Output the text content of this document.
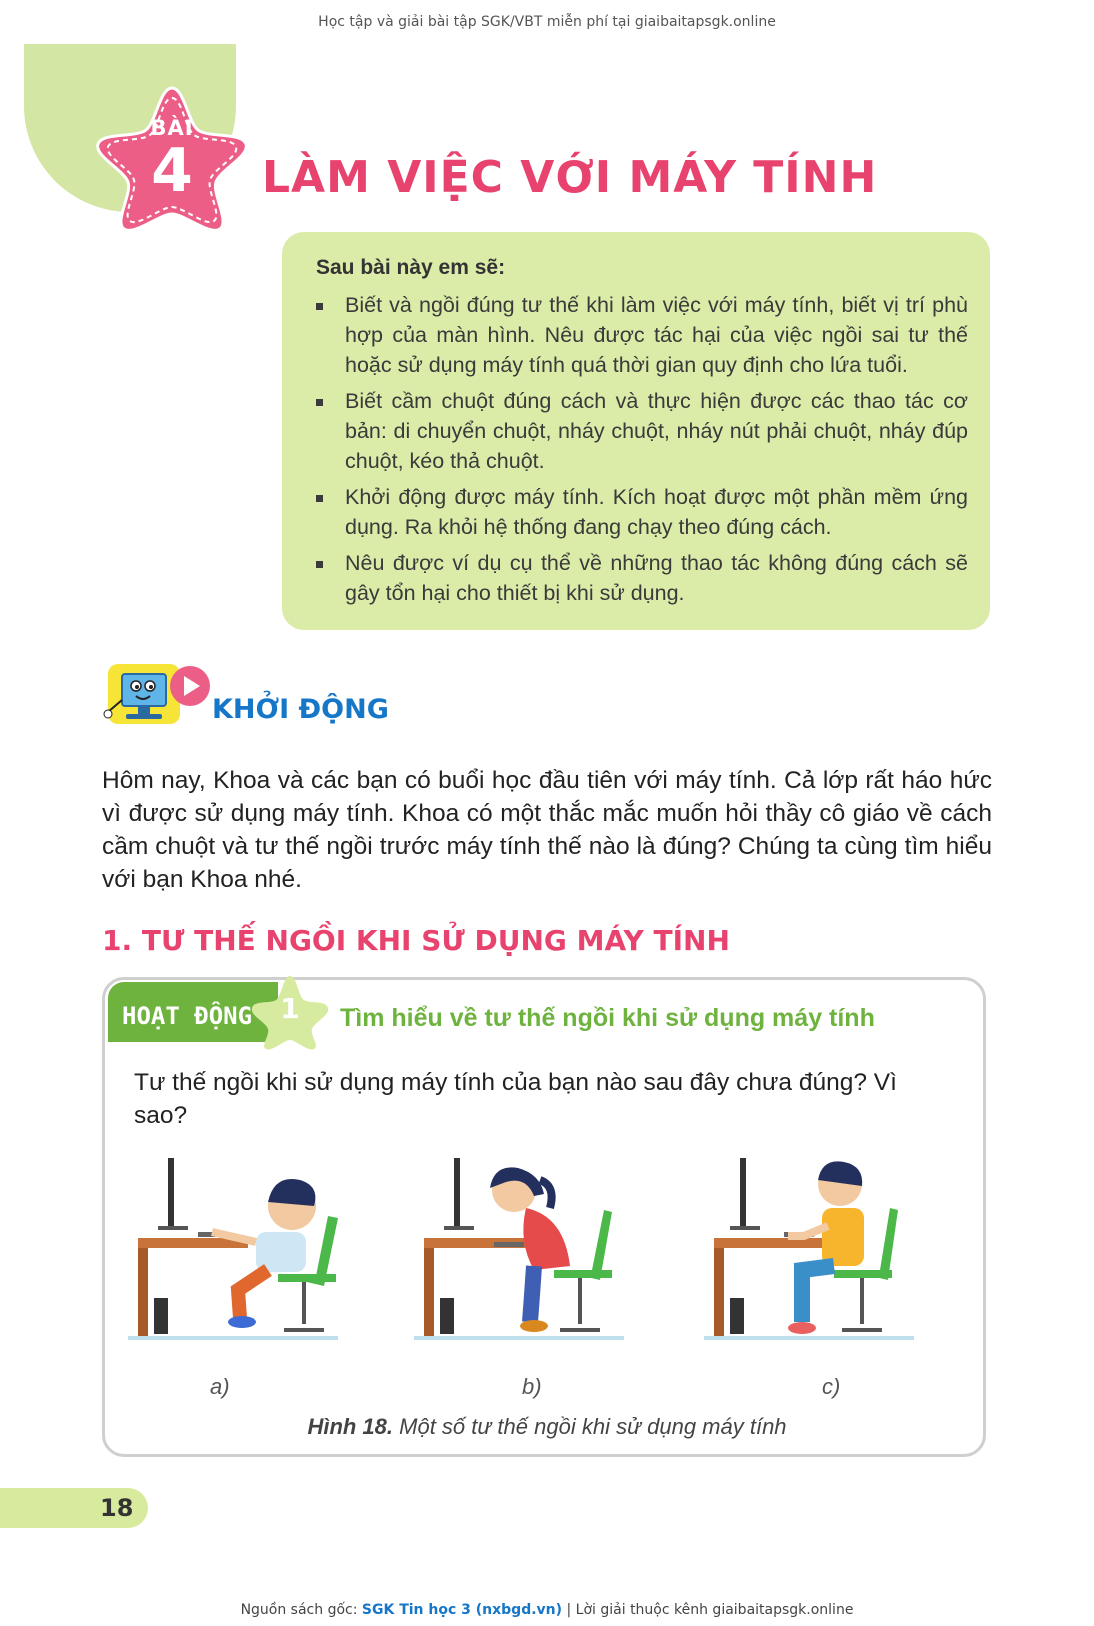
Học tập và giải bài tập SGK/VBT miễn phí tại giaibaitapsgk.online
BÀI
4	LÀM VIỆC VỚI MÁY TÍNH
Sau bài này em sẽ:
Biết và ngồi đúng tư thế khi làm việc với máy tính, biết vị trí phù hợp của màn hình. Nêu được tác hại của việc ngồi sai tư thế hoặc sử dụng máy tính quá thời gian quy định cho lứa tuổi.
Biết cầm chuột đúng cách và thực hiện được các thao tác cơ bản: di chuyển chuột, nháy chuột, nháy nút phải chuột, nháy đúp chuột, kéo thả chuột.
Khởi động được máy tính. Kích hoạt được một phần mềm ứng dụng. Ra khỏi hệ thống đang chạy theo đúng cách.
Nêu được ví dụ cụ thể về những thao tác không đúng cách sẽ gây tổn hại cho thiết bị khi sử dụng.
KHỞI ĐỘNG
Hôm nay, Khoa và các bạn có buổi học đầu tiên với máy tính. Cả lớp rất háo hức vì được sử dụng máy tính. Khoa có một thắc mắc muốn hỏi thầy cô giáo về cách cầm chuột và tư thế ngồi trước máy tính thế nào là đúng? Chúng ta cùng tìm hiểu với bạn Khoa nhé.
1. TƯ THẾ NGỒI KHI SỬ DỤNG MÁY TÍNH
HOẠT ĐỘNG 1	Tìm hiểu về tư thế ngồi khi sử dụng máy tính
Tư thế ngồi khi sử dụng máy tính của bạn nào sau đây chưa đúng? Vì sao?
a)	b)	c)
Hình 18. Một số tư thế ngồi khi sử dụng máy tính
18
Nguồn sách gốc: SGK Tin học 3 (nxbgd.vn) | Lời giải thuộc kênh giaibaitapsgk.online
